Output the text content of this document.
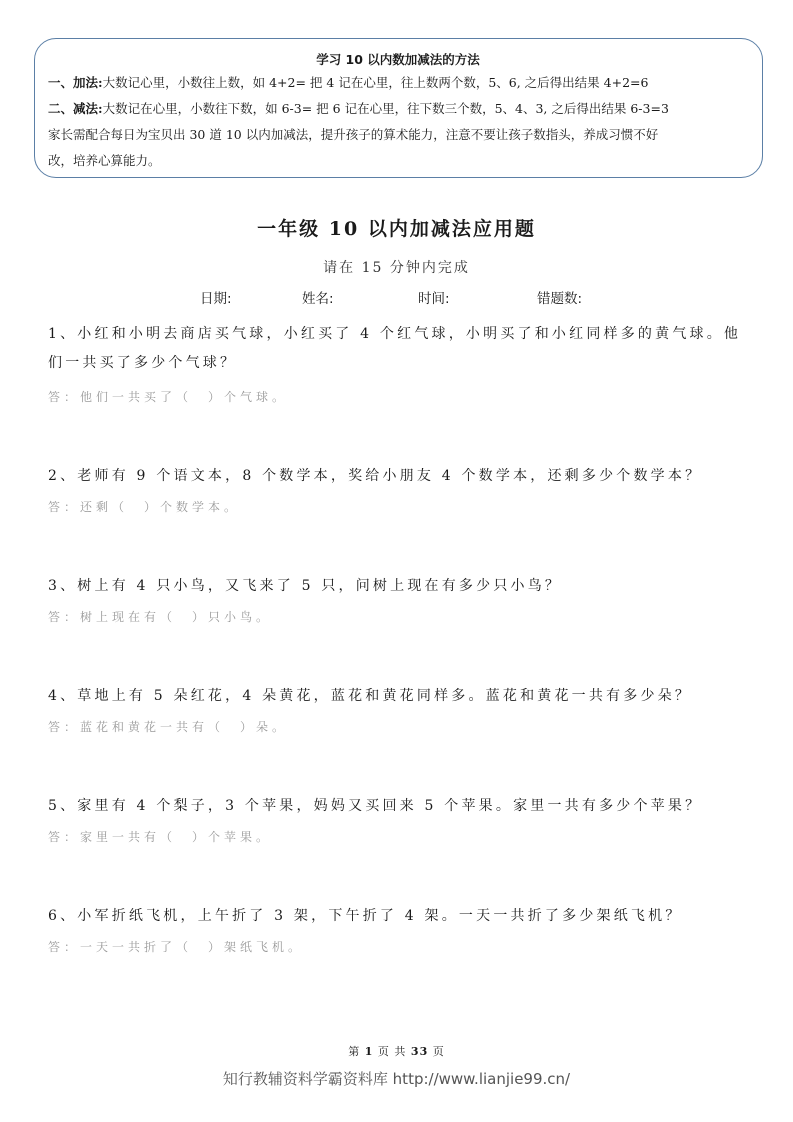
学习 10 以内数加减法的方法
一、加法:大数记心里，小数往上数，如 4+2= 把 4 记在心里，往上数两个数，5、6, 之后得出结果 4+2=6
二、减法:大数记在心里，小数往下数，如 6-3= 把 6 记在心里，往下数三个数，5、4、3, 之后得出结果 6-3=3
家长需配合每日为宝贝出 30 道 10 以内加减法，提升孩子的算术能力，注意不要让孩子数指头，养成习惯不好
改，培养心算能力。
一年级 10 以内加减法应用题
请在 15 分钟内完成
日期:	姓名:	时间:	错题数:
1、小红和小明去商店买气球，小红买了 4 个红气球，小明买了和小红同样多的黄气球。他们一共买了多少个气球？
答：他们一共买了（　）个气球。
2、老师有 9 个语文本，8 个数学本，奖给小朋友 4 个数学本，还剩多少个数学本？
答：还剩（　）个数学本。
3、树上有 4 只小鸟，又飞来了 5 只，问树上现在有多少只小鸟？
答：树上现在有（　）只小鸟。
4、草地上有 5 朵红花，4 朵黄花，蓝花和黄花同样多。蓝花和黄花一共有多少朵？
答：蓝花和黄花一共有（　）朵。
5、家里有 4 个梨子，3 个苹果，妈妈又买回来 5 个苹果。家里一共有多少个苹果？
答：家里一共有（　）个苹果。
6、小军折纸飞机，上午折了 3 架，下午折了 4 架。一天一共折了多少架纸飞机？
答：一天一共折了（　）架纸飞机。
第 1 页 共 33 页
知行教辅资料学霸资料库 http://www.lianjie99.cn/
